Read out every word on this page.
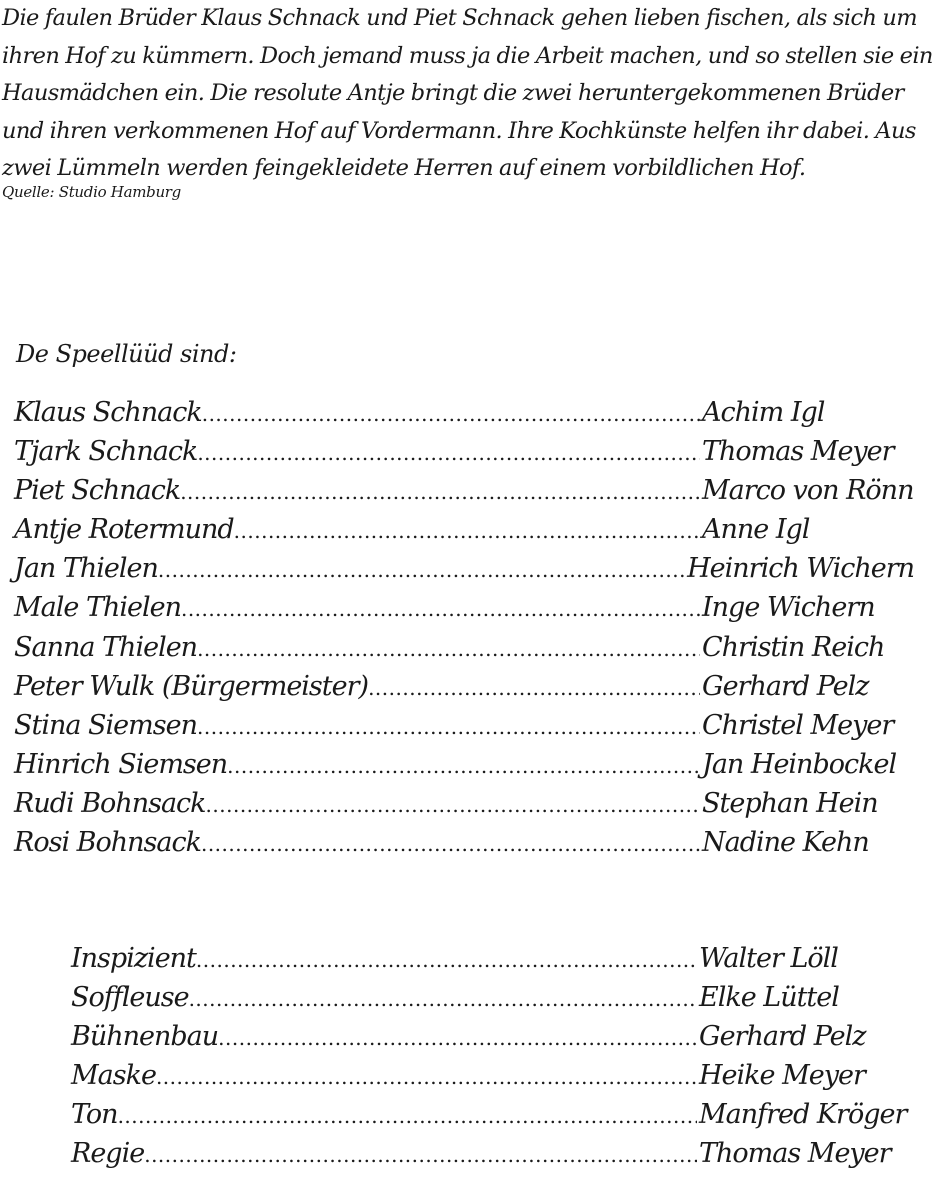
Die faulen Brüder Klaus Schnack und Piet Schnack gehen lieben fischen, als sich um ihren Hof zu kümmern. Doch jemand muss ja die Arbeit machen, und so stellen sie ein Hausmädchen ein. Die resolute Antje bringt die zwei heruntergekommenen Brüder und ihren verkommenen Hof auf Vordermann. Ihre Kochkünste helfen ihr dabei. Aus zwei Lümmeln werden feingekleidete Herren auf einem vorbildlichen Hof.

Quelle: Studio Hamburg
De Speellüüd sind:
Klaus Schnack .....	Achim Igl
Tjark Schnack .....	Thomas Meyer
Piet Schnack .....	Marco von Rönn
Antje Rotermund .....	Anne Igl
Jan Thielen .....	Heinrich Wichern
Male Thielen .....	Inge Wichern
Sanna Thielen .....	Christin Reich
Peter Wulk (Bürgermeister) .....	Gerhard Pelz
Stina Siemsen .....	Christel Meyer
Hinrich Siemsen .....	Jan Heinbockel
Rudi Bohnsack .....	Stephan Hein
Rosi Bohnsack .....	Nadine Kehn
Inspizient .....	Walter Löll
Soffleuse .....	Elke Lüttel
Bühnenbau .....	Gerhard Pelz
Maske .....	Heike Meyer
Ton .....	Manfred Kröger
Regie .....	Thomas Meyer
